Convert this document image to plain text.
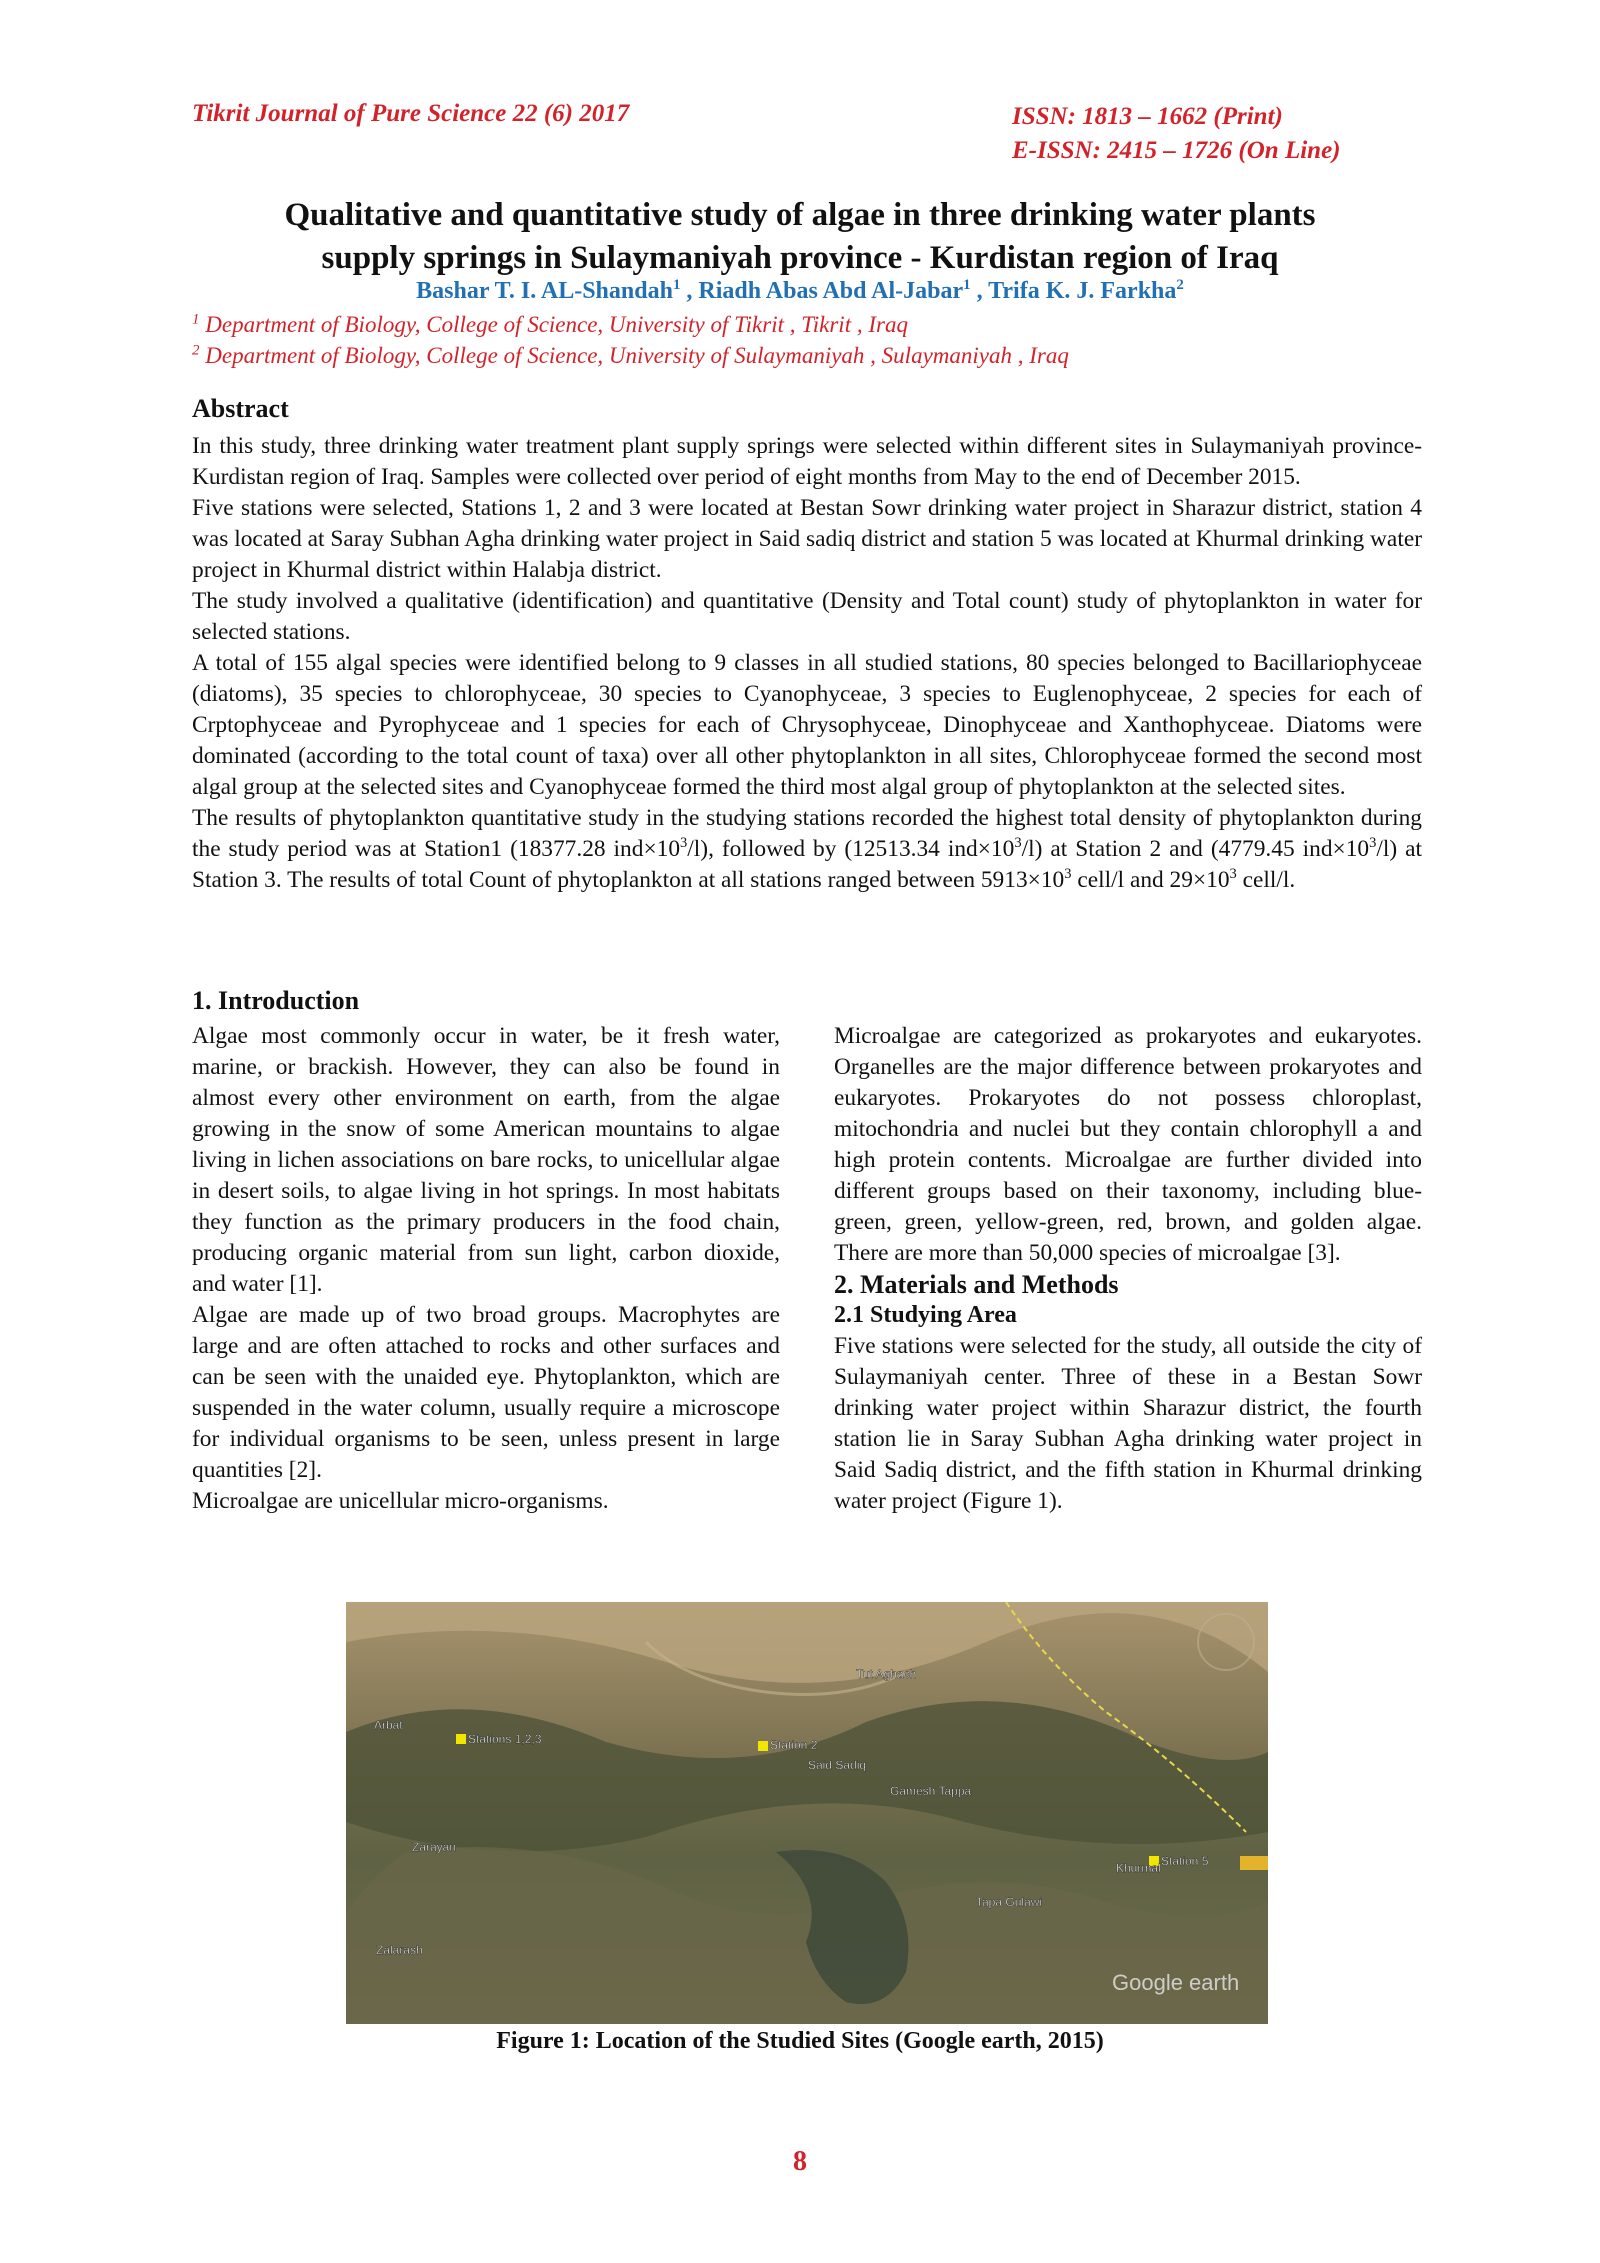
Tikrit Journal of Pure Science 22 (6) 2017	ISSN: 1813 – 1662 (Print)
E-ISSN: 2415 – 1726 (On Line)
Qualitative and quantitative study of algae in three drinking water plants
supply springs in Sulaymaniyah province - Kurdistan region of Iraq
Bashar T. I. AL-Shandah$^1$ , Riadh Abas Abd Al-Jabar$^1$ , Trifa K. J. Farkha$^2$
$^1$ Department of Biology, College of Science, University of Tikrit , Tikrit , Iraq
$^2$ Department of Biology, College of Science, University of Sulaymaniyah , Sulaymaniyah , Iraq
Abstract

In this study, three drinking water treatment plant supply springs were selected within different sites in Sulaymaniyah province- Kurdistan region of Iraq. Samples were collected over period of eight months from May to the end of December 2015.

Five stations were selected, Stations 1, 2 and 3 were located at Bestan Sowr drinking water project in Sharazur district, station 4 was located at Saray Subhan Agha drinking water project in Said sadiq district and station 5 was located at Khurmal drinking water project in Khurmal district within Halabja district.

The study involved a qualitative (identification) and quantitative (Density and Total count) study of phytoplankton in water for selected stations.

A total of 155 algal species were identified belong to 9 classes in all studied stations, 80 species belonged to Bacillariophyceae (diatoms), 35 species to chlorophyceae, 30 species to Cyanophyceae, 3 species to Euglenophyceae, 2 species for each of Crptophyceae and Pyrophyceae and 1 species for each of Chrysophyceae, Dinophyceae and Xanthophyceae. Diatoms were dominated (according to the total count of taxa) over all other phytoplankton in all sites, Chlorophyceae formed the second most algal group at the selected sites and Cyanophyceae formed the third most algal group of phytoplankton at the selected sites.

The results of phytoplankton quantitative study in the studying stations recorded the highest total density of phytoplankton during the study period was at Station1 (18377.28 $ind\times 10^3/l$), followed by (12513.34 $ind\times 10^3/l$) at Station 2 and (4779.45 $ind\times 10^3/l$) at Station 3. The results of total Count of phytoplankton at all stations ranged between $5913\times 10^3$ cell/l and $29\times 10^3$ cell/l.

1. Introduction

Algae most commonly occur in water, be it fresh water, marine, or brackish. However, they can also be found in almost every other environment on earth, from the algae growing in the snow of some American mountains to algae living in lichen associations on bare rocks, to unicellular algae in desert soils, to algae living in hot springs. In most habitats they function as the primary producers in the food chain, producing organic material from sun light, carbon dioxide, and water [1].

Algae are made up of two broad groups. Macrophytes are large and are often attached to rocks and other surfaces and can be seen with the unaided eye. Phytoplankton, which are suspended in the water column, usually require a microscope for individual organisms to be seen, unless present in large quantities [2].

Microalgae are unicellular micro-organisms.

Microalgae are categorized as prokaryotes and eukaryotes. Organelles are the major difference between prokaryotes and eukaryotes. Prokaryotes do not possess chloroplast, mitochondria and nuclei but they contain chlorophyll a and high protein contents. Microalgae are further divided into different groups based on their taxonomy, including blue-green, green, yellow-green, red, brown, and golden algae. There are more than 50,000 species of microalgae [3].

2. Materials and Methods
2.1 Studying Area

Five stations were selected for the study, all outside the city of Sulaymaniyah center. Three of these in a Bestan Sowr drinking water project within Sharazur district, the fourth station lie in Saray Subhan Agha drinking water project in Said Sadiq district, and the fifth station in Khurmal drinking water project (Figure 1).

Stations 1,2,3	Station 2
Station 5
Said Sadiq
Gamesh Tappa
Tut Aghach
Arbat
Zarayan
Khurmal
Tapa Gulawi
Zalarash
Google earth
Figure 1: Location of the Studied Sites (Google earth, 2015)
8
